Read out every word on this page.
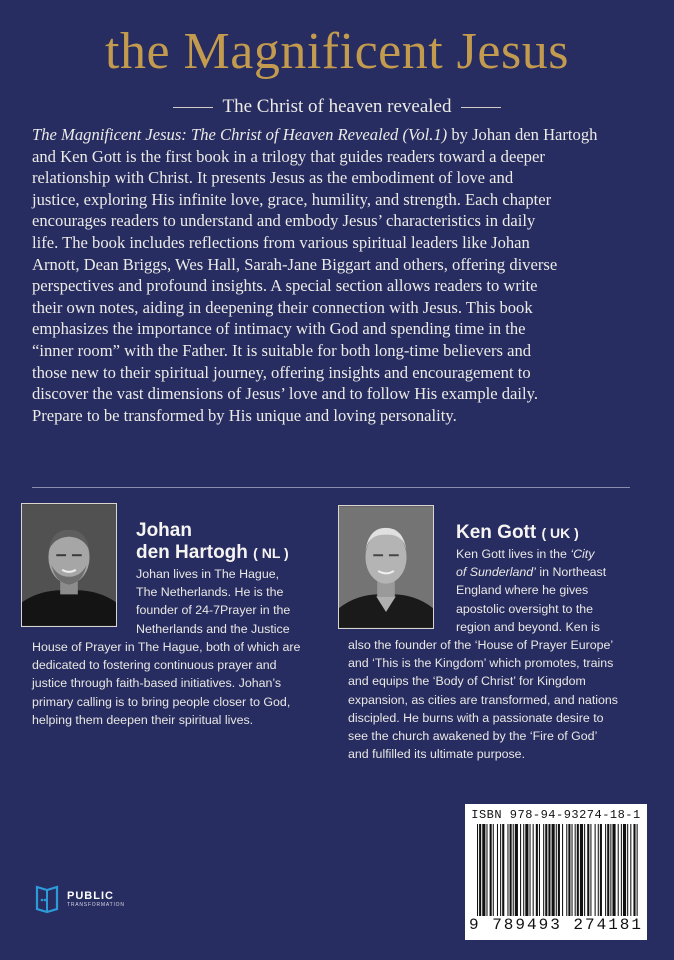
the Magnificent Jesus
The Christ of heaven revealed
The Magnificent Jesus: The Christ of Heaven Revealed (Vol.1) by Johan den Hartogh
and Ken Gott is the first book in a trilogy that guides readers toward a deeper
relationship with Christ. It presents Jesus as the embodiment of love and
justice, exploring His infinite love, grace, humility, and strength. Each chapter
encourages readers to understand and embody Jesus’ characteristics in daily
life. The book includes reflections from various spiritual leaders like Johan
Arnott, Dean Briggs, Wes Hall, Sarah-Jane Biggart and others, offering diverse
perspectives and profound insights. A special section allows readers to write
their own notes, aiding in deepening their connection with Jesus. This book
emphasizes the importance of intimacy with God and spending time in the
“inner room” with the Father. It is suitable for both long-time believers and
those new to their spiritual journey, offering insights and encouragement to
discover the vast dimensions of Jesus’ love and to follow His example daily.
Prepare to be transformed by His unique and loving personality.
Johan
den Hartogh ( NL )
Johan lives in The Hague,
The Netherlands. He is the
founder of 24-7Prayer in the
Netherlands and the Justice
House of Prayer in The Hague, both of which are
dedicated to fostering continuous prayer and
justice through faith-based initiatives. Johan’s
primary calling is to bring people closer to God,
helping them deepen their spiritual lives.
Ken Gott ( UK )
Ken Gott lives in the ‘City
of Sunderland’ in Northeast
England where he gives
apostolic oversight to the
region and beyond. Ken is
also the founder of the ‘House of Prayer Europe’
and ‘This is the Kingdom’ which promotes, trains
and equips the ‘Body of Christ’ for Kingdom
expansion, as cities are transformed, and nations
discipled. He burns with a passionate desire to
see the church awakened by the ‘Fire of God’
and fulfilled its ultimate purpose.
ISBN 978-94-93274-18-1
9 789493 274181
PUBLIC
TRANSFORMATION
